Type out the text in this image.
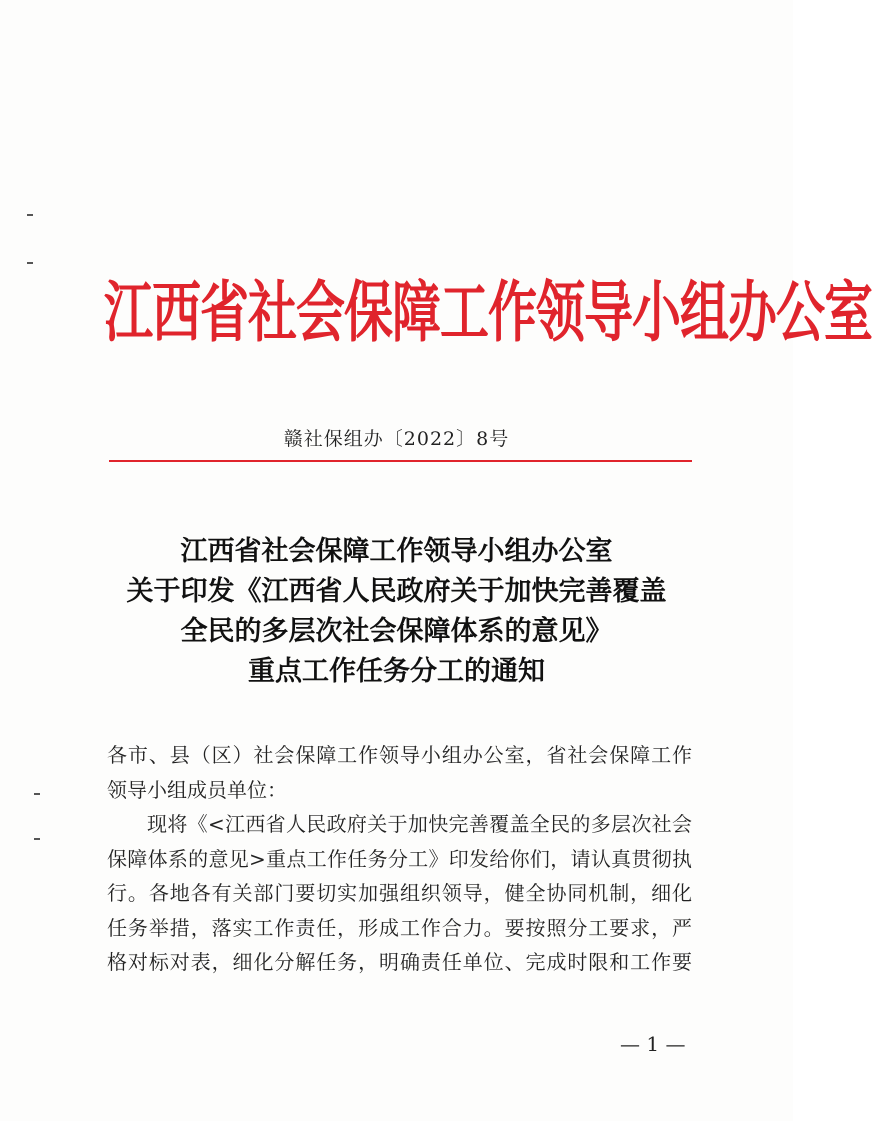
江西省社会保障工作领导小组办公室
赣社保组办〔2022〕8号
江西省社会保障工作领导小组办公室
关于印发《江西省人民政府关于加快完善覆盖
全民的多层次社会保障体系的意见》
重点工作任务分工的通知
各市、县（区）社会保障工作领导小组办公室，省社会保障工作
领导小组成员单位：
现将《<江西省人民政府关于加快完善覆盖全民的多层次社会
保障体系的意见>重点工作任务分工》印发给你们，请认真贯彻执
行。各地各有关部门要切实加强组织领导，健全协同机制，细化
任务举措，落实工作责任，形成工作合力。要按照分工要求，严
格对标对表，细化分解任务，明确责任单位、完成时限和工作要
— 1 —
